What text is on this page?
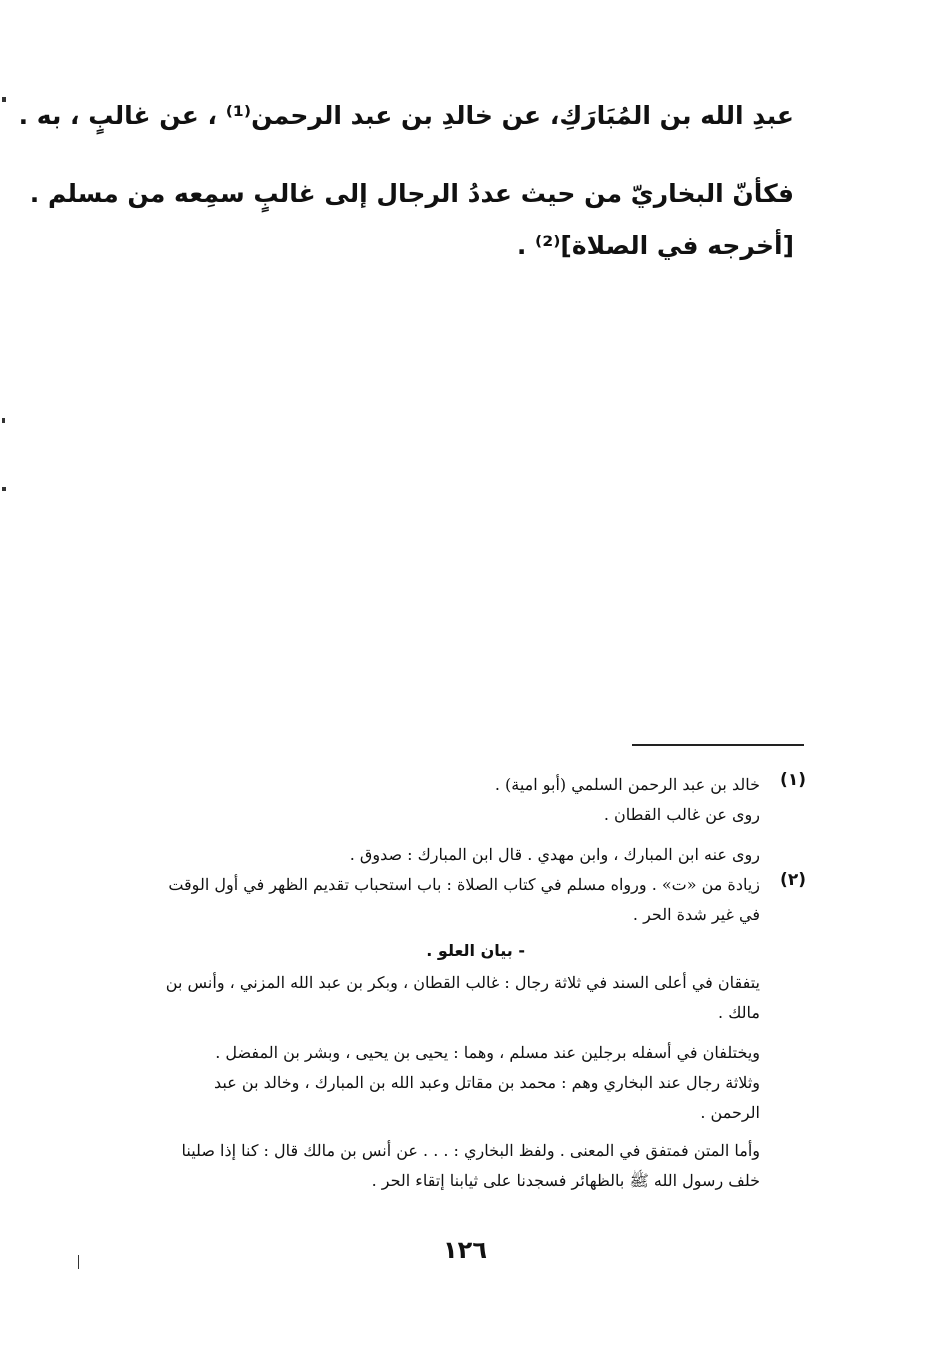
عبدِ الله بن المُبَارَكِ، عن خالدِ بن عبد الرحمن⁽¹⁾ ، عن غالبٍ ، به .
فكأنّ البخاريّ من حيث عددُ الرجال إلى غالبٍ سمِعه من مسلم .
[أخرجه في الصلاة]⁽²⁾ .
(١)
خالد بن عبد الرحمن السلمي (أبو امية) .
روى عن غالب القطان .
روى عنه ابن المبارك ، وابن مهدي . قال ابن المبارك : صدوق .
(٢)
زيادة من «ت» . ورواه مسلم في كتاب الصلاة : باب استحباب تقديم الظهر في أول الوقت
في غير شدة الحر .
- بيان العلو .
يتفقان في أعلى السند في ثلاثة رجال : غالب القطان ، وبكر بن عبد الله المزني ، وأنس بن
مالك .
ويختلفان في أسفله برجلين عند مسلم ، وهما : يحيى بن يحيى ، وبشر بن المفضل .
وثلاثة رجال عند البخاري وهم : محمد بن مقاتل وعبد الله بن المبارك ، وخالد بن عبد
الرحمن .
وأما المتن فمتفق في المعنى . ولفظ البخاري : . . . عن أنس بن مالك قال : كنا إذا صلينا
خلف رسول الله ﷺ بالظهائر فسجدنا على ثيابنا إتقاء الحر .
١٢٦
